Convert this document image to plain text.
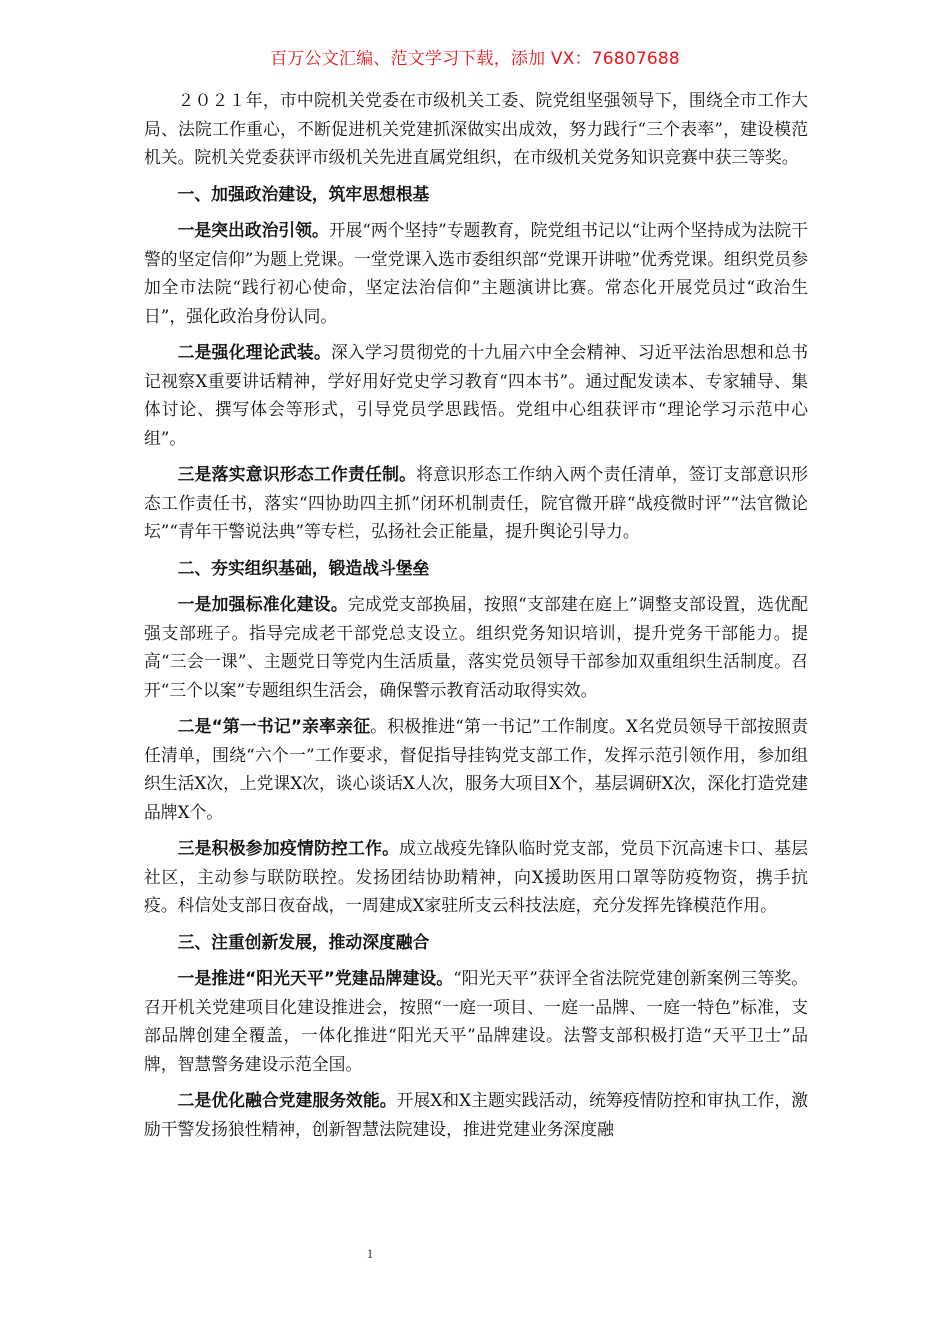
百万公文汇编、范文学习下载，添加 VX：76807688

２０２１年，市中院机关党委在市级机关工委、院党组坚强领导下，围绕全市工作大局、法院工作重心，不断促进机关党建抓深做实出成效，努力践行“三个表率”，建设模范机关。院机关党委获评市级机关先进直属党组织，在市级机关党务知识竞赛中获三等奖。

一、加强政治建设，筑牢思想根基

一是突出政治引领。开展“两个坚持”专题教育，院党组书记以“让两个坚持成为法院干警的坚定信仰”为题上党课。一堂党课入选市委组织部“党课开讲啦”优秀党课。组织党员参加全市法院“践行初心使命，坚定法治信仰”主题演讲比赛。常态化开展党员过“政治生日”，强化政治身份认同。

二是强化理论武装。深入学习贯彻党的十九届六中全会精神、习近平法治思想和总书记视察X重要讲话精神，学好用好党史学习教育“四本书”。通过配发读本、专家辅导、集体讨论、撰写体会等形式，引导党员学思践悟。党组中心组获评市“理论学习示范中心组”。

三是落实意识形态工作责任制。将意识形态工作纳入两个责任清单，签订支部意识形态工作责任书，落实“四协助四主抓”闭环机制责任，院官微开辟“战疫微时评”“法官微论坛”“青年干警说法典”等专栏，弘扬社会正能量，提升舆论引导力。

二、夯实组织基础，锻造战斗堡垒

一是加强标准化建设。完成党支部换届，按照“支部建在庭上”调整支部设置，选优配强支部班子。指导完成老干部党总支设立。组织党务知识培训，提升党务干部能力。提高“三会一课”、主题党日等党内生活质量，落实党员领导干部参加双重组织生活制度。召开“三个以案”专题组织生活会，确保警示教育活动取得实效。

二是“第一书记”亲率亲征。积极推进“第一书记”工作制度。X名党员领导干部按照责任清单，围绕“六个一”工作要求，督促指导挂钩党支部工作，发挥示范引领作用，参加组织生活X次，上党课X次，谈心谈话X人次，服务大项目X个，基层调研X次，深化打造党建品牌X个。

三是积极参加疫情防控工作。成立战疫先锋队临时党支部，党员下沉高速卡口、基层社区，主动参与联防联控。发扬团结协助精神，向X援助医用口罩等防疫物资，携手抗疫。科信处支部日夜奋战，一周建成X家驻所支云科技法庭，充分发挥先锋模范作用。

三、注重创新发展，推动深度融合

一是推进“阳光天平”党建品牌建设。“阳光天平”获评全省法院党建创新案例三等奖。召开机关党建项目化建设推进会，按照“一庭一项目、一庭一品牌、一庭一特色”标准，支部品牌创建全覆盖，一体化推进“阳光天平”品牌建设。法警支部积极打造“天平卫士”品牌，智慧警务建设示范全国。

二是优化融合党建服务效能。开展X和X主题实践活动，统筹疫情防控和审执工作，激励干警发扬狼性精神，创新智慧法院建设，推进党建业务深度融

1
